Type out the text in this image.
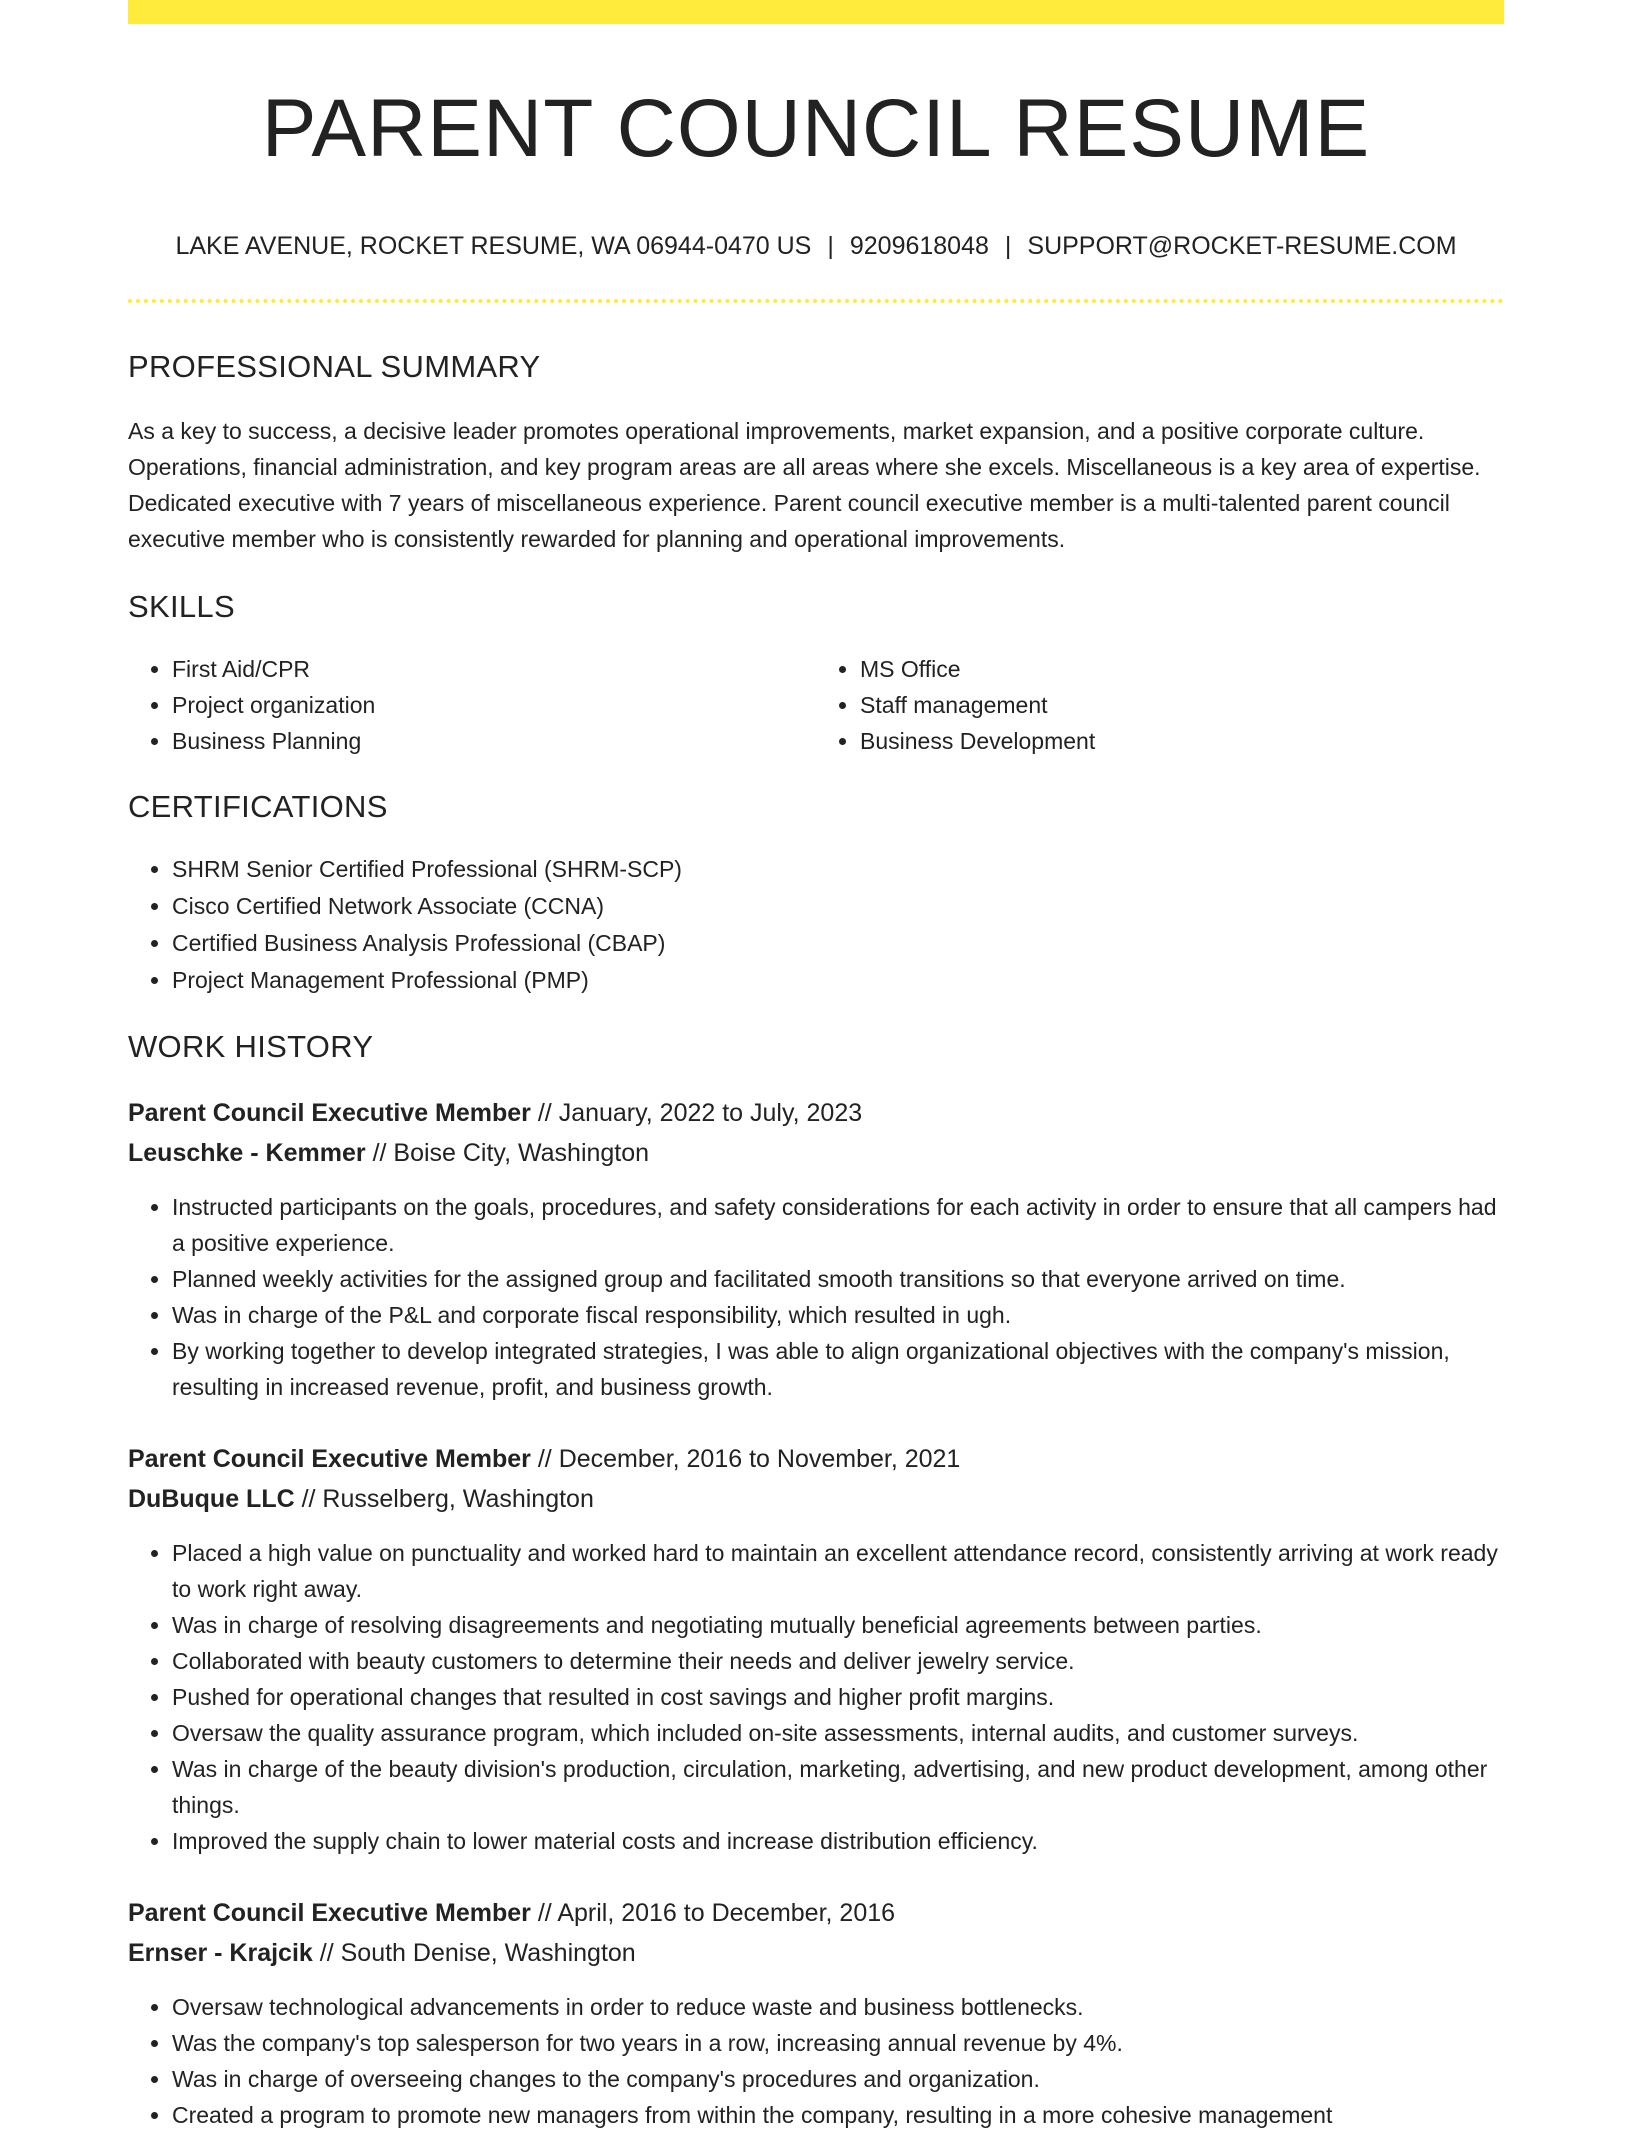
PARENT COUNCIL RESUME
LAKE AVENUE, ROCKET RESUME, WA 06944-0470 US | 9209618048 | SUPPORT@ROCKET-RESUME.COM
PROFESSIONAL SUMMARY
As a key to success, a decisive leader promotes operational improvements, market expansion, and a positive corporate culture. Operations, financial administration, and key program areas are all areas where she excels. Miscellaneous is a key area of expertise. Dedicated executive with 7 years of miscellaneous experience. Parent council executive member is a multi-talented parent council executive member who is consistently rewarded for planning and operational improvements.
SKILLS
• First Aid/CPR
• Project organization
• Business Planning
• MS Office
• Staff management
• Business Development
CERTIFICATIONS
• SHRM Senior Certified Professional (SHRM-SCP)
• Cisco Certified Network Associate (CCNA)
• Certified Business Analysis Professional (CBAP)
• Project Management Professional (PMP)
WORK HISTORY
Parent Council Executive Member // January, 2022 to July, 2023
Leuschke - Kemmer // Boise City, Washington
• Instructed participants on the goals, procedures, and safety considerations for each activity in order to ensure that all campers had a positive experience.
• Planned weekly activities for the assigned group and facilitated smooth transitions so that everyone arrived on time.
• Was in charge of the P&L and corporate fiscal responsibility, which resulted in ugh.
• By working together to develop integrated strategies, I was able to align organizational objectives with the company's mission, resulting in increased revenue, profit, and business growth.
Parent Council Executive Member // December, 2016 to November, 2021
DuBuque LLC // Russelberg, Washington
• Placed a high value on punctuality and worked hard to maintain an excellent attendance record, consistently arriving at work ready to work right away.
• Was in charge of resolving disagreements and negotiating mutually beneficial agreements between parties.
• Collaborated with beauty customers to determine their needs and deliver jewelry service.
• Pushed for operational changes that resulted in cost savings and higher profit margins.
• Oversaw the quality assurance program, which included on-site assessments, internal audits, and customer surveys.
• Was in charge of the beauty division's production, circulation, marketing, advertising, and new product development, among other things.
• Improved the supply chain to lower material costs and increase distribution efficiency.
Parent Council Executive Member // April, 2016 to December, 2016
Ernser - Krajcik // South Denise, Washington
• Oversaw technological advancements in order to reduce waste and business bottlenecks.
• Was the company's top salesperson for two years in a row, increasing annual revenue by 4%.
• Was in charge of overseeing changes to the company's procedures and organization.
• Created a program to promote new managers from within the company, resulting in a more cohesive management
